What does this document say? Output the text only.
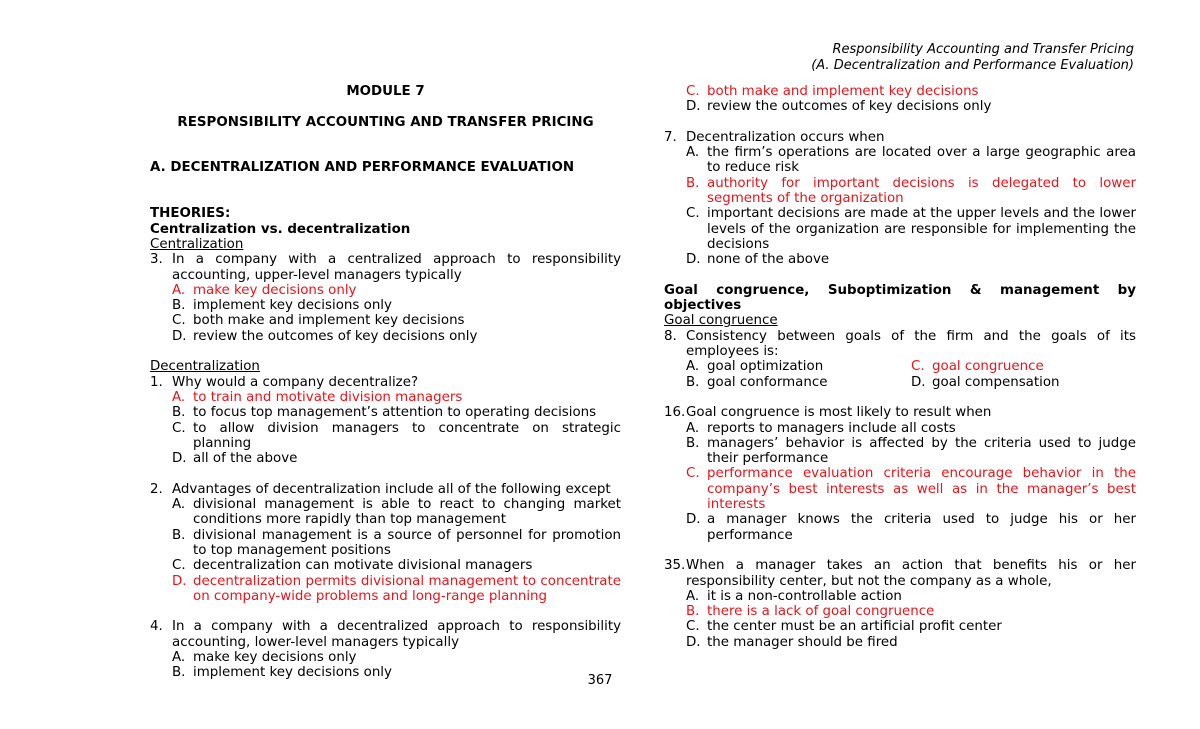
Responsibility Accounting and Transfer Pricing
(A. Decentralization and Performance Evaluation)
MODULE 7
RESPONSIBILITY ACCOUNTING AND TRANSFER PRICING
A. DECENTRALIZATION AND PERFORMANCE EVALUATION
THEORIES:
Centralization vs. decentralization
Centralization
3. In a company with a centralized approach to responsibility accounting, upper-level managers typically
A. make key decisions only
B. implement key decisions only
C. both make and implement key decisions
D. review the outcomes of key decisions only
Decentralization
1. Why would a company decentralize?
A. to train and motivate division managers
B. to focus top management’s attention to operating decisions
C. to allow division managers to concentrate on strategic planning
D. all of the above
2. Advantages of decentralization include all of the following except
A. divisional management is able to react to changing market conditions more rapidly than top management
B. divisional management is a source of personnel for promotion to top management positions
C. decentralization can motivate divisional managers
D. decentralization permits divisional management to concentrate on company-wide problems and long-range planning
4. In a company with a decentralized approach to responsibility accounting, lower-level managers typically
A. make key decisions only
B. implement key decisions only
C. both make and implement key decisions
D. review the outcomes of key decisions only
7. Decentralization occurs when
A. the firm’s operations are located over a large geographic area to reduce risk
B. authority for important decisions is delegated to lower segments of the organization
C. important decisions are made at the upper levels and the lower levels of the organization are responsible for implementing the decisions
D. none of the above
Goal congruence, Suboptimization & management by objectives
Goal congruence
8. Consistency between goals of the firm and the goals of its employees is:
A. goal optimization	C. goal congruence
B. goal conformance	D. goal compensation
16. Goal congruence is most likely to result when
A. reports to managers include all costs
B. managers’ behavior is affected by the criteria used to judge their performance
C. performance evaluation criteria encourage behavior in the company’s best interests as well as in the manager’s best interests
D. a manager knows the criteria used to judge his or her performance
35. When a manager takes an action that benefits his or her responsibility center, but not the company as a whole,
A. it is a non-controllable action
B. there is a lack of goal congruence
C. the center must be an artificial profit center
D. the manager should be fired
367
